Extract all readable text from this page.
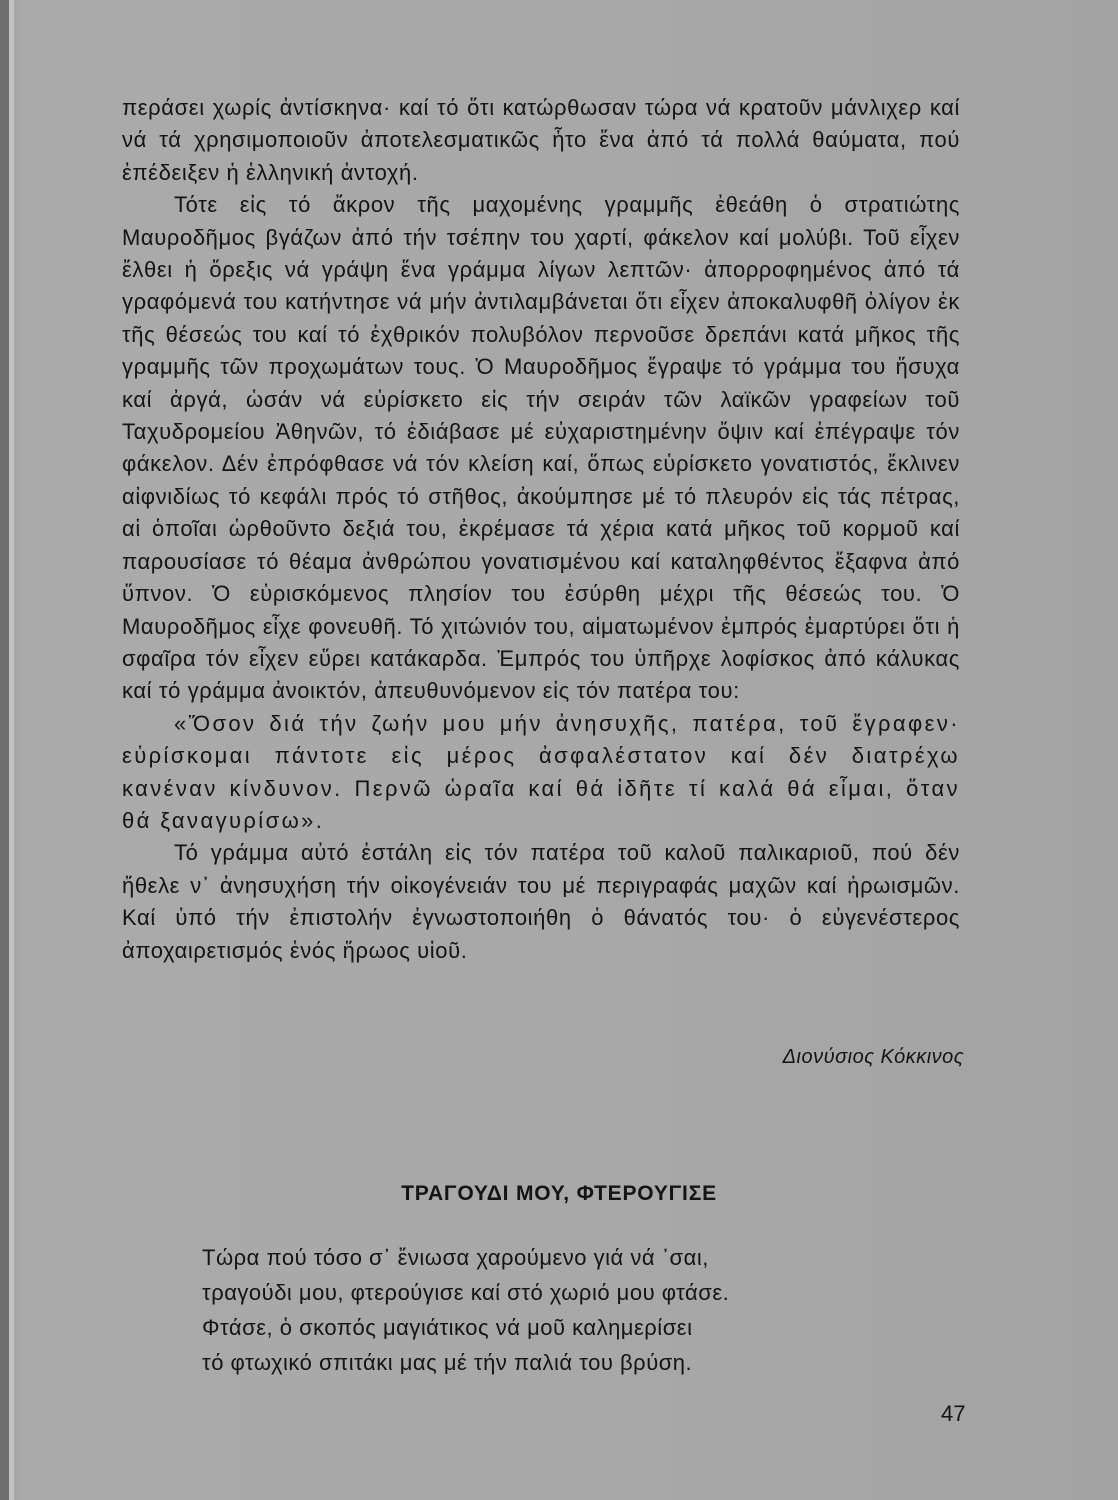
περάσει χωρίς ἀντίσκηνα· καί τό ὅτι κατώρθωσαν τώρα νά κρατοῦν μάνλιχερ καί νά τά χρησιμοποιοῦν ἀποτελεσματικῶς ἦτο ἕνα ἀπό τά πολλά θαύματα, πού ἐπέδειξεν ἡ ἑλληνική ἀντοχή.

Τότε εἰς τό ἄκρον τῆς μαχομένης γραμμῆς ἐθεάθη ὁ στρατιώτης Μαυροδῆμος βγάζων ἀπό τήν τσέπην του χαρτί, φάκελον καί μολύβι. Τοῦ εἶχεν ἔλθει ἡ ὄρεξις νά γράψη ἕνα γράμμα λίγων λεπτῶν· ἀπορροφημένος ἀπό τά γραφόμενά του κατήντησε νά μήν ἀντιλαμβάνεται ὅτι εἶχεν ἀποκαλυφθῆ ὀλίγον ἐκ τῆς θέσεώς του καί τό ἐχθρικόν πολυβόλον περνοῦσε δρεπάνι κατά μῆκος τῆς γραμμῆς τῶν προχωμάτων τους. Ὁ Μαυροδῆμος ἔγραψε τό γράμμα του ἥσυχα καί ἀργά, ὡσάν νά εὑρίσκετο εἰς τήν σειράν τῶν λαϊκῶν γραφείων τοῦ Ταχυδρομείου Ἀθηνῶν, τό ἐδιάβασε μέ εὐχαριστημένην ὄψιν καί ἐπέγραψε τόν φάκελον. Δέν ἐπρόφθασε νά τόν κλείση καί, ὅπως εὑρίσκετο γονατιστός, ἔκλινεν αἰφνιδίως τό κεφάλι πρός τό στῆθος, ἀκούμπησε μέ τό πλευρόν εἰς τάς πέτρας, αἱ ὁποῖαι ὡρθοῦντο δεξιά του, ἐκρέμασε τά χέρια κατά μῆκος τοῦ κορμοῦ καί παρουσίασε τό θέαμα ἀνθρώπου γονατισμένου καί καταληφθέντος ἔξαφνα ἀπό ὕπνον. Ὁ εὑρισκόμενος πλησίον του ἐσύρθη μέχρι τῆς θέσεώς του. Ὁ Μαυροδῆμος εἶχε φονευθῆ. Τό χιτώνιόν του, αἱματωμένον ἐμπρός ἐμαρτύρει ὅτι ἡ σφαῖρα τόν εἶχεν εὕρει κατάκαρδα. Ἐμπρός του ὑπῆρχε λοφίσκος ἀπό κάλυκας καί τό γράμμα ἀνοικτόν, ἀπευθυνόμενον εἰς τόν πατέρα του:

«Ὅσον διά τήν ζωήν μου μήν ἀνησυχῆς, πατέρα, τοῦ ἔγραφεν· εὑρίσκομαι πάντοτε εἰς μέρος ἀσφαλέστατον καί δέν διατρέχω κανέναν κίνδυνον. Περνῶ ὡραῖα καί θά ἰδῆτε τί καλά θά εἶμαι, ὅταν θά ξαναγυρίσω».

Τό γράμμα αὐτό ἐστάλη εἰς τόν πατέρα τοῦ καλοῦ παλικαριοῦ, πού δέν ἤθελε ν᾽ ἀνησυχήση τήν οἰκογένειάν του μέ περιγραφάς μαχῶν καί ἡρωισμῶν. Καί ὑπό τήν ἐπιστολήν ἐγνωστοποιήθη ὁ θάνατός του· ὁ εὐγενέστερος ἀποχαιρετισμός ἑνός ἥρωος υἱοῦ.

Διονύσιος Κόκκινος
ΤΡΑΓΟΥΔΙ ΜΟΥ, ΦΤΕΡΟΥΓΙΣΕ
Τώρα πού τόσο σ᾽ ἔνιωσα χαρούμενο γιά νά ᾽σαι,
τραγούδι μου, φτερούγισε καί στό χωριό μου φτάσε.
Φτάσε, ὁ σκοπός μαγιάτικος νά μοῦ καλημερίσει
τό φτωχικό σπιτάκι μας μέ τήν παλιά του βρύση.
47
